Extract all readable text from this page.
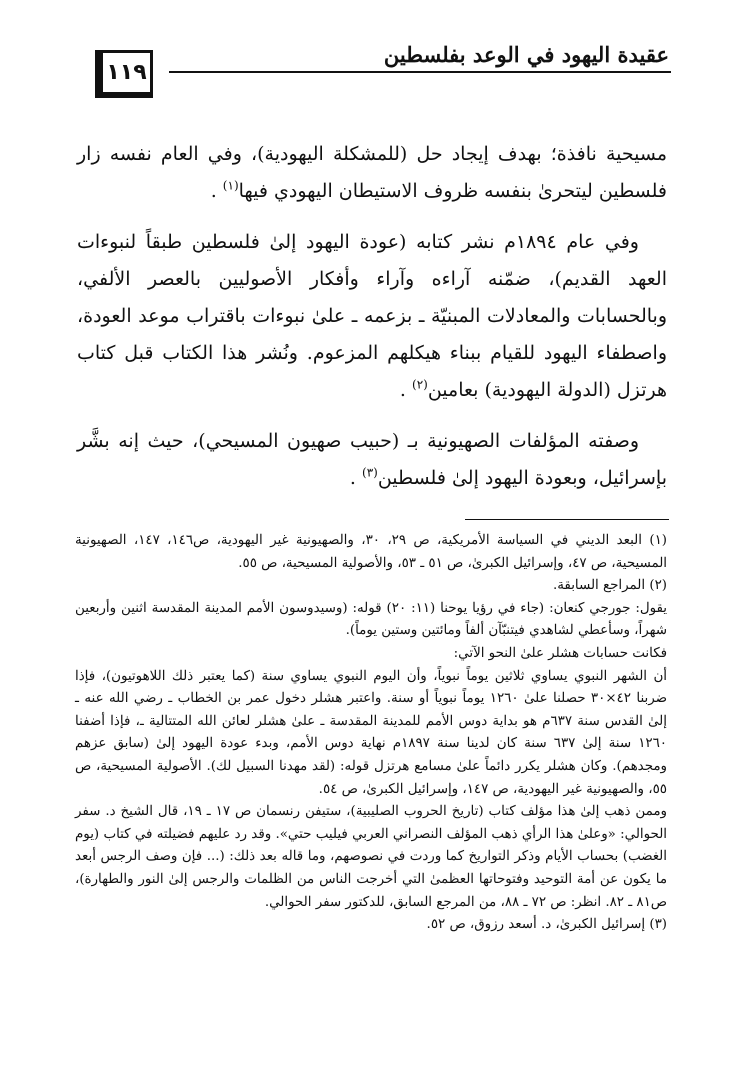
عقيدة اليهود في الوعد بفلسطين
١١٩

مسيحية نافذة؛ بهدف إيجاد حل (للمشكلة اليهودية)، وفي العام نفسه زار فلسطين ليتحرىٰ بنفسه ظروف الاستيطان اليهودي فيها$^{(١)}$ .

وفي عام ١٨٩٤م نشر كتابه (عودة اليهود إلىٰ فلسطين طبقاً لنبوءات العهد القديم)، ضمّنه آراءه وآراء وأفكار الأصوليين بالعصر الألفي، وبالحسابات والمعادلات المبنيّة ـ بزعمه ـ علىٰ نبوءات باقتراب موعد العودة، واصطفاء اليهود للقيام ببناء هيكلهم المزعوم. ونُشر هذا الكتاب قبل كتاب هرتزل (الدولة اليهودية) بعامين$^{(٢)}$ .

وصفته المؤلفات الصهيونية بـ (حبيب صهيون المسيحي)، حيث إنه بشَّر بإسرائيل، وبعودة اليهود إلىٰ فلسطين$^{(٣)}$ .

(١) البعد الديني في السياسة الأمريكية، ص ٢٩، ٣٠، والصهيونية غير اليهودية، ص١٤٦، ١٤٧، الصهيونية المسيحية، ص ٤٧، وإسرائيل الكبرىٰ، ص ٥١ ـ ٥٣، والأصولية المسيحية، ص ٥٥.

(٢) المراجع السابقة.

يقول: جورجي كنعان: (جاء في رؤيا يوحنا (١١: ٢٠) قوله: (وسيدوسون الأمم المدينة المقدسة اثنين وأربعين شهراً، وسأعطي لشاهدي فيتنبّآن ألفاً ومائتين وستين يوماً).

فكانت حسابات هشلر علىٰ النحو الآتي:

أن الشهر النبوي يساوي ثلاثين يوماً نبوياً، وأن اليوم النبوي يساوي سنة (كما يعتبر ذلك اللاهوتيون)، فإذا ضربنا ٤٢×٣٠ حصلنا علىٰ ١٢٦٠ يوماً نبوياً أو سنة. واعتبر هشلر دخول عمر بن الخطاب ـ رضي الله عنه ـ إلىٰ القدس سنة ٦٣٧م هو بداية دوس الأمم للمدينة المقدسة ـ علىٰ هشلر لعائن الله المتتالية ـ، فإذا أضفنا ١٢٦٠ سنة إلىٰ ٦٣٧ سنة كان لدينا سنة ١٨٩٧م نهاية دوس الأمم، وبدء عودة اليهود إلىٰ (سابق عزهم ومجدهم). وكان هشلر يكرر دائماً علىٰ مسامع هرتزل قوله: (لقد مهدنا السبيل لك). الأصولية المسيحية، ص ٥٥، والصهيونية غير اليهودية، ص ١٤٧، وإسرائيل الكبرىٰ، ص ٥٤.

وممن ذهب إلىٰ هذا مؤلف كتاب (تاريخ الحروب الصليبية)، ستيفن رنسمان ص ١٧ ـ ١٩، قال الشيخ د. سفر الحوالي: «وعلىٰ هذا الرأي ذهب المؤلف النصراني العربي فيليب حتي». وقد رد عليهم فضيلته في كتاب (يوم الغضب) بحساب الأيام وذكر التواريخ كما وردت في نصوصهم، وما قاله بعد ذلك: (... فإن وصف الرجس أبعد ما يكون عن أمة التوحيد وفتوحاتها العظمىٰ التي أخرجت الناس من الظلمات والرجس إلىٰ النور والطهارة)، ص٨١ ـ ٨٢. انظر: ص ٧٢ ـ ٨٨، من المرجع السابق، للدكتور سفر الحوالي.

(٣) إسرائيل الكبرىٰ، د. أسعد رزوق، ص ٥٢.
